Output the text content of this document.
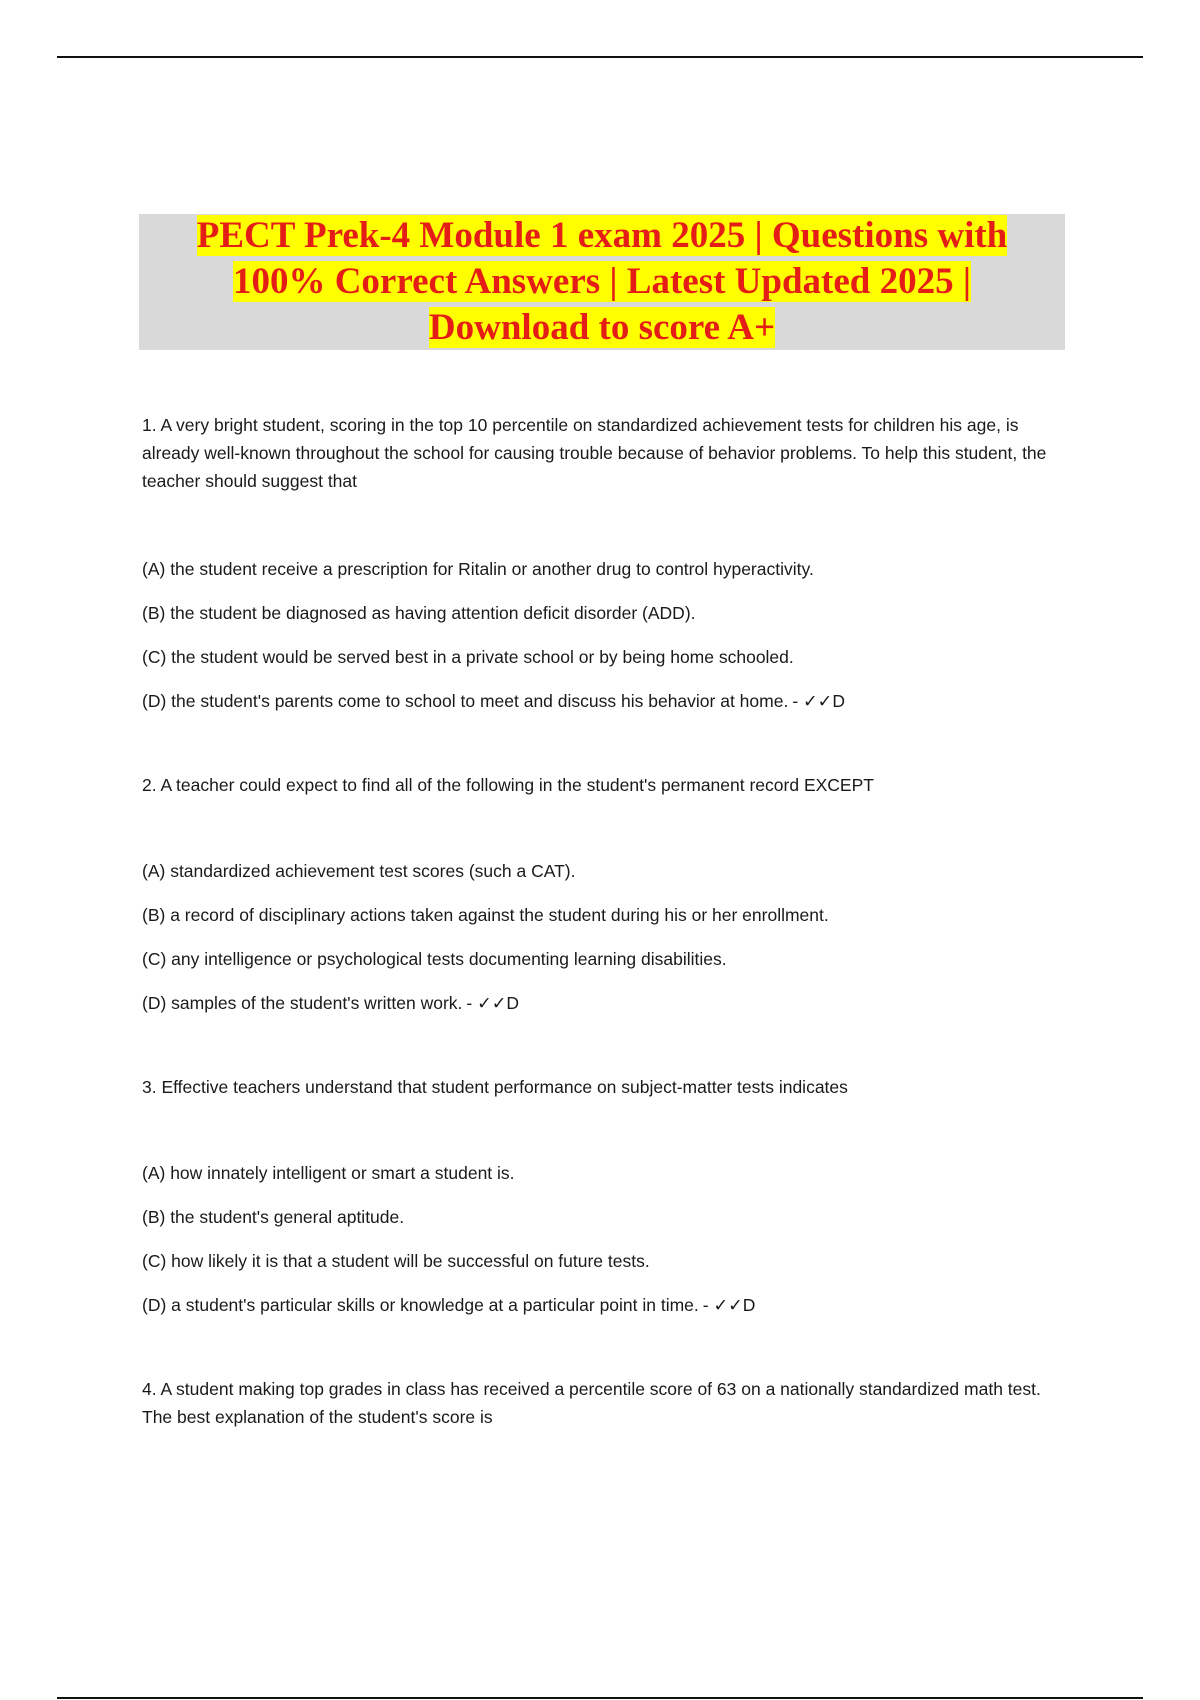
PECT Prek-4 Module 1 exam 2025 | Questions with
100% Correct Answers | Latest Updated 2025 |
Download to score A+

1. A very bright student, scoring in the top 10 percentile on standardized achievement tests for children his age, is already well-known throughout the school for causing trouble because of behavior problems. To help this student, the teacher should suggest that

(A) the student receive a prescription for Ritalin or another drug to control hyperactivity.
(B) the student be diagnosed as having attention deficit disorder (ADD).
(C) the student would be served best in a private school or by being home schooled.
(D) the student's parents come to school to meet and discuss his behavior at home. - ✓✓D

2. A teacher could expect to find all of the following in the student's permanent record EXCEPT

(A) standardized achievement test scores (such a CAT).
(B) a record of disciplinary actions taken against the student during his or her enrollment.
(C) any intelligence or psychological tests documenting learning disabilities.
(D) samples of the student's written work. - ✓✓D

3. Effective teachers understand that student performance on subject-matter tests indicates

(A) how innately intelligent or smart a student is.
(B) the student's general aptitude.
(C) how likely it is that a student will be successful on future tests.
(D) a student's particular skills or knowledge at a particular point in time. - ✓✓D

4. A student making top grades in class has received a percentile score of 63 on a nationally standardized math test. The best explanation of the student's score is
